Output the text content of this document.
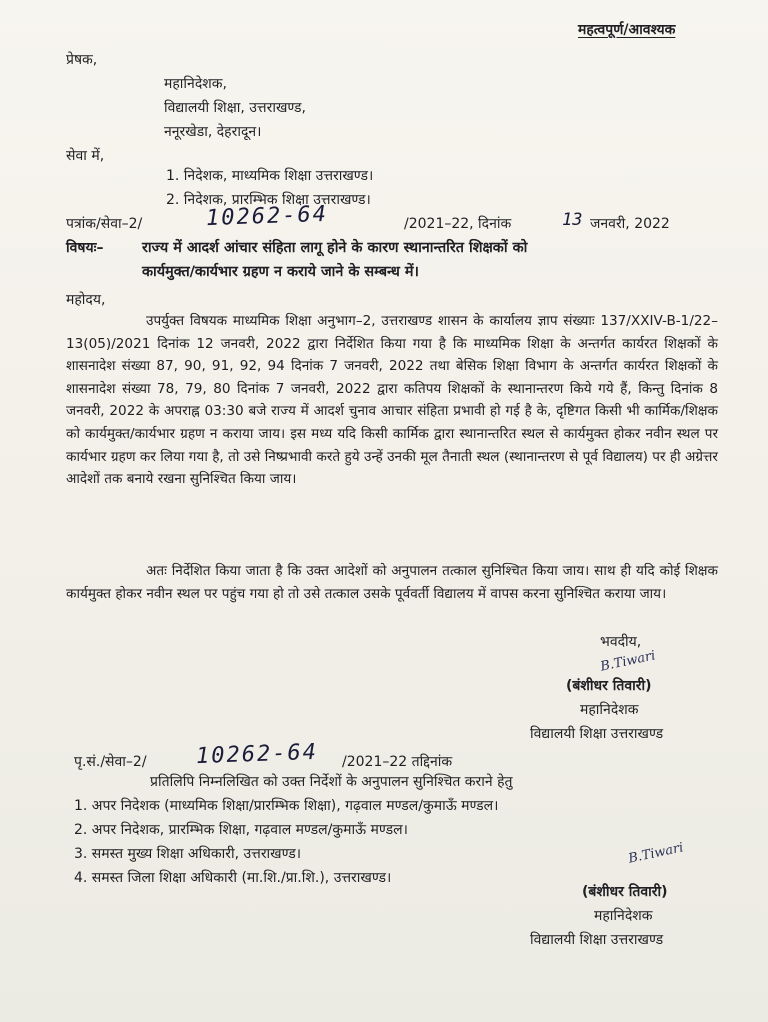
महत्वपूर्ण/आवश्यक
प्रेषक,
महानिदेशक,
विद्यालयी शिक्षा, उत्तराखण्ड,
ननूरखेडा, देहरादून।
सेवा में,
1. निदेशक, माध्यमिक शिक्षा उत्तराखण्ड।
2. निदेशक, प्रारम्भिक शिक्षा उत्तराखण्ड।
पत्रांक/सेवा–2/	10262-64	/2021–22, दिनांक	13 जनवरी, 2022
विषयः–	राज्य में आदर्श आंचार संहिता लागू होने के कारण स्थानान्तरित शिक्षकों को
कार्यमुक्त/कार्यभार ग्रहण न कराये जाने के सम्बन्ध में।
महोदय,
उपर्युक्त विषयक माध्यमिक शिक्षा अनुभाग–2, उत्तराखण्ड शासन के कार्यालय ज्ञाप संख्याः 137/XXIV-B-1/22–13(05)/2021 दिनांक 12 जनवरी, 2022 द्वारा निर्देशित किया गया है कि माध्यमिक शिक्षा के अन्तर्गत कार्यरत शिक्षकों के शासनादेश संख्या 87, 90, 91, 92, 94 दिनांक 7 जनवरी, 2022 तथा बेसिक शिक्षा विभाग के अन्तर्गत कार्यरत शिक्षकों के शासनादेश संख्या 78, 79, 80 दिनांक 7 जनवरी, 2022 द्वारा कतिपय शिक्षकों के स्थानान्तरण किये गये हैं, किन्तु दिनांक 8 जनवरी, 2022 के अपराह्न 03:30 बजे राज्य में आदर्श चुनाव आचार संहिता प्रभावी हो गई है के, दृष्टिगत किसी भी कार्मिक/शिक्षक को कार्यमुक्त/कार्यभार ग्रहण न कराया जाय। इस मध्य यदि किसी कार्मिक द्वारा स्थानान्तरित स्थल से कार्यमुक्त होकर नवीन स्थल पर कार्यभार ग्रहण कर लिया गया है, तो उसे निष्प्रभावी करते हुये उन्हें उनकी मूल तैनाती स्थल (स्थानान्तरण से पूर्व विद्यालय) पर ही अग्रेत्तर आदेशों तक बनाये रखना सुनिश्चित किया जाय।
अतः निर्देशित किया जाता है कि उक्त आदेशों को अनुपालन तत्काल सुनिश्चित किया जाय। साथ ही यदि कोई शिक्षक कार्यमुक्त होकर नवीन स्थल पर पहुंच गया हो तो उसे तत्काल उसके पूर्ववर्ती विद्यालय में वापस करना सुनिश्चित कराया जाय।
भवदीय,
B.Tiwari
(बंशीधर तिवारी)
महानिदेशक
विद्यालयी शिक्षा उत्तराखण्ड
पृ.सं./सेवा–2/ 10262-64 /2021–22 तद्दिनांक
प्रतिलिपि निम्नलिखित को उक्त निर्देशों के अनुपालन सुनिश्चित कराने हेतु
1. अपर निदेशक (माध्यमिक शिक्षा/प्रारम्भिक शिक्षा), गढ़वाल मण्डल/कुमाऊँ मण्डल।
2. अपर निदेशक, प्रारम्भिक शिक्षा, गढ़वाल मण्डल/कुमाऊँ मण्डल।
3. समस्त मुख्य शिक्षा अधिकारी, उत्तराखण्ड।
4. समस्त जिला शिक्षा अधिकारी (मा.शि./प्रा.शि.), उत्तराखण्ड।
B.Tiwari
(बंशीधर तिवारी)
महानिदेशक
विद्यालयी शिक्षा उत्तराखण्ड
